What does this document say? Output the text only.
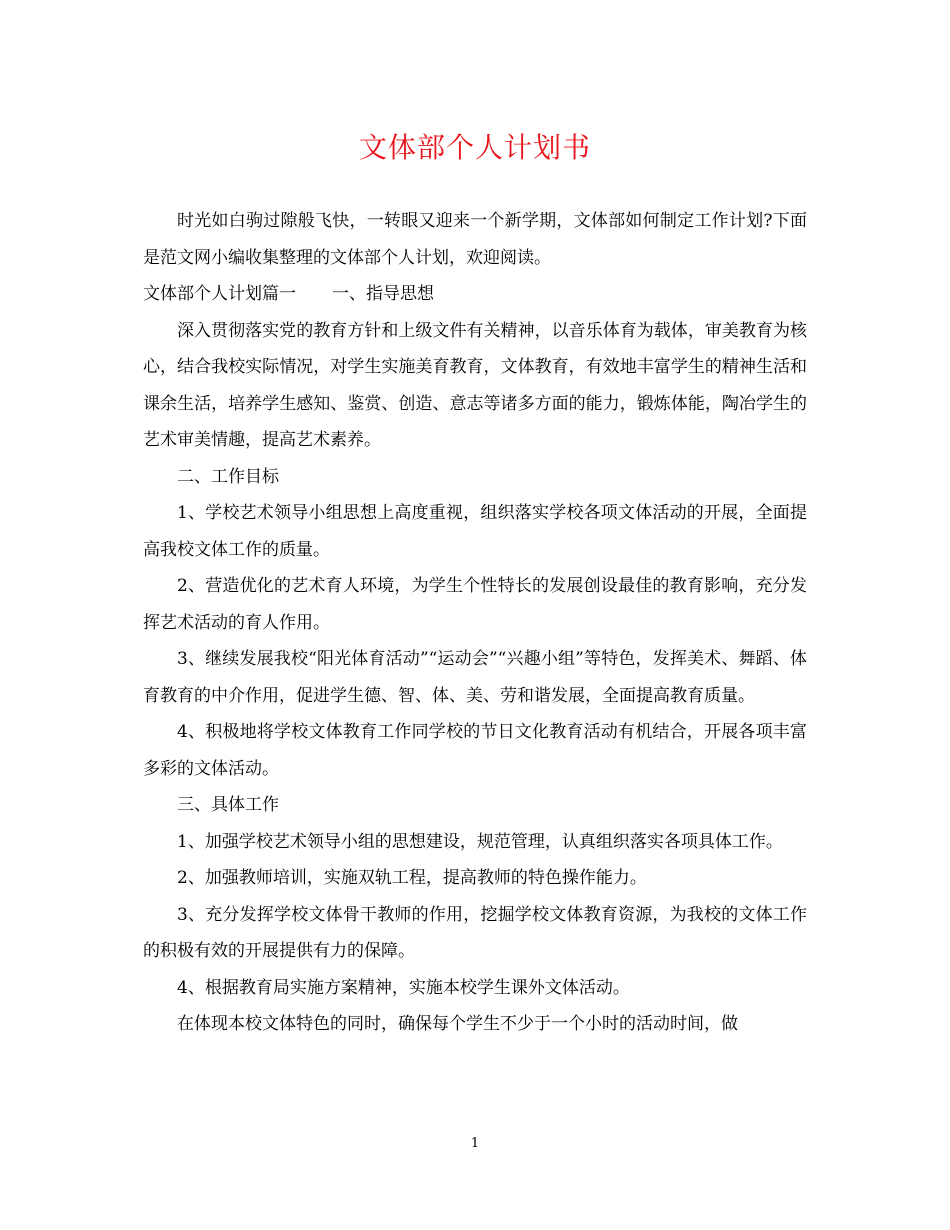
文体部个人计划书

时光如白驹过隙般飞快，一转眼又迎来一个新学期，文体部如何制定工作计划?下面是范文网小编收集整理的文体部个人计划，欢迎阅读。

文体部个人计划篇一 一、指导思想

深入贯彻落实党的教育方针和上级文件有关精神，以音乐体育为载体，审美教育为核心，结合我校实际情况，对学生实施美育教育，文体教育，有效地丰富学生的精神生活和课余生活，培养学生感知、鉴赏、创造、意志等诸多方面的能力，锻炼体能，陶冶学生的艺术审美情趣，提高艺术素养。

二、工作目标

1、学校艺术领导小组思想上高度重视，组织落实学校各项文体活动的开展，全面提高我校文体工作的质量。

2、营造优化的艺术育人环境，为学生个性特长的发展创设最佳的教育影响，充分发挥艺术活动的育人作用。

3、继续发展我校“阳光体育活动”“运动会”“兴趣小组”等特色，发挥美术、舞蹈、体育教育的中介作用，促进学生德、智、体、美、劳和谐发展，全面提高教育质量。

4、积极地将学校文体教育工作同学校的节日文化教育活动有机结合，开展各项丰富多彩的文体活动。

三、具体工作

1、加强学校艺术领导小组的思想建设，规范管理，认真组织落实各项具体工作。

2、加强教师培训，实施双轨工程，提高教师的特色操作能力。

3、充分发挥学校文体骨干教师的作用，挖掘学校文体教育资源，为我校的文体工作的积极有效的开展提供有力的保障。

4、根据教育局实施方案精神，实施本校学生课外文体活动。

在体现本校文体特色的同时，确保每个学生不少于一个小时的活动时间，做

1
